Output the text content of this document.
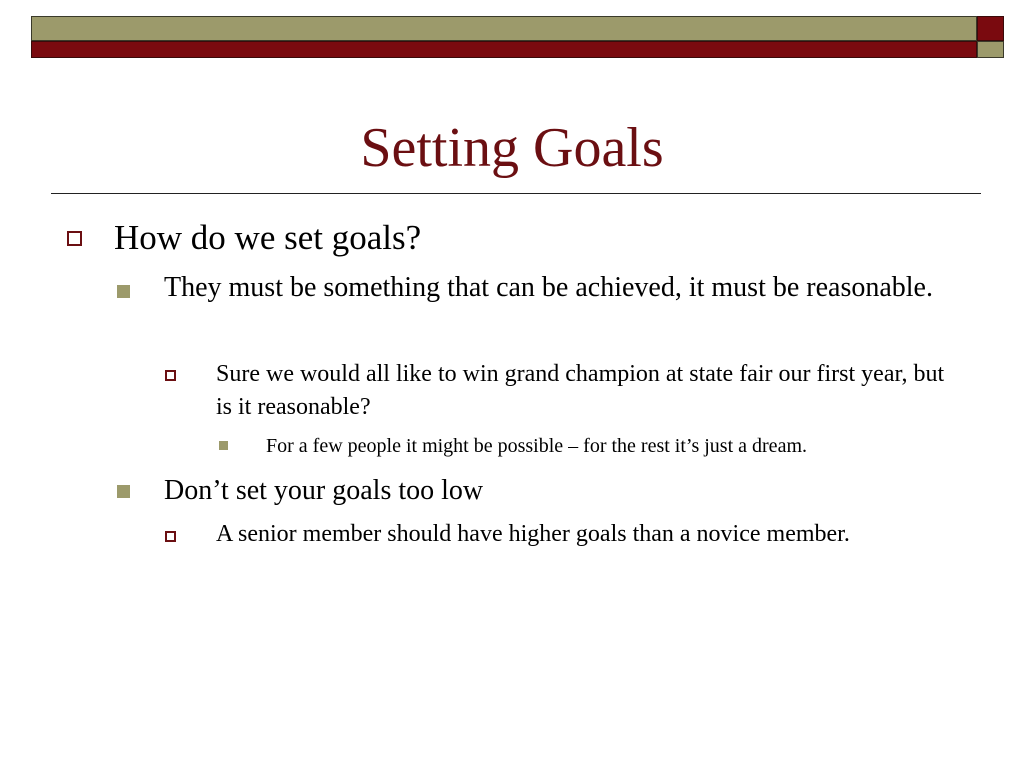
Setting Goals
How do we set goals?
They must be something that can be achieved, it must be reasonable.
Sure we would all like to win grand champion at state fair our first year, but is it reasonable?
For a few people it might be possible – for the rest it’s just a dream.
Don’t set your goals too low
A senior member should have higher goals than a novice member.
